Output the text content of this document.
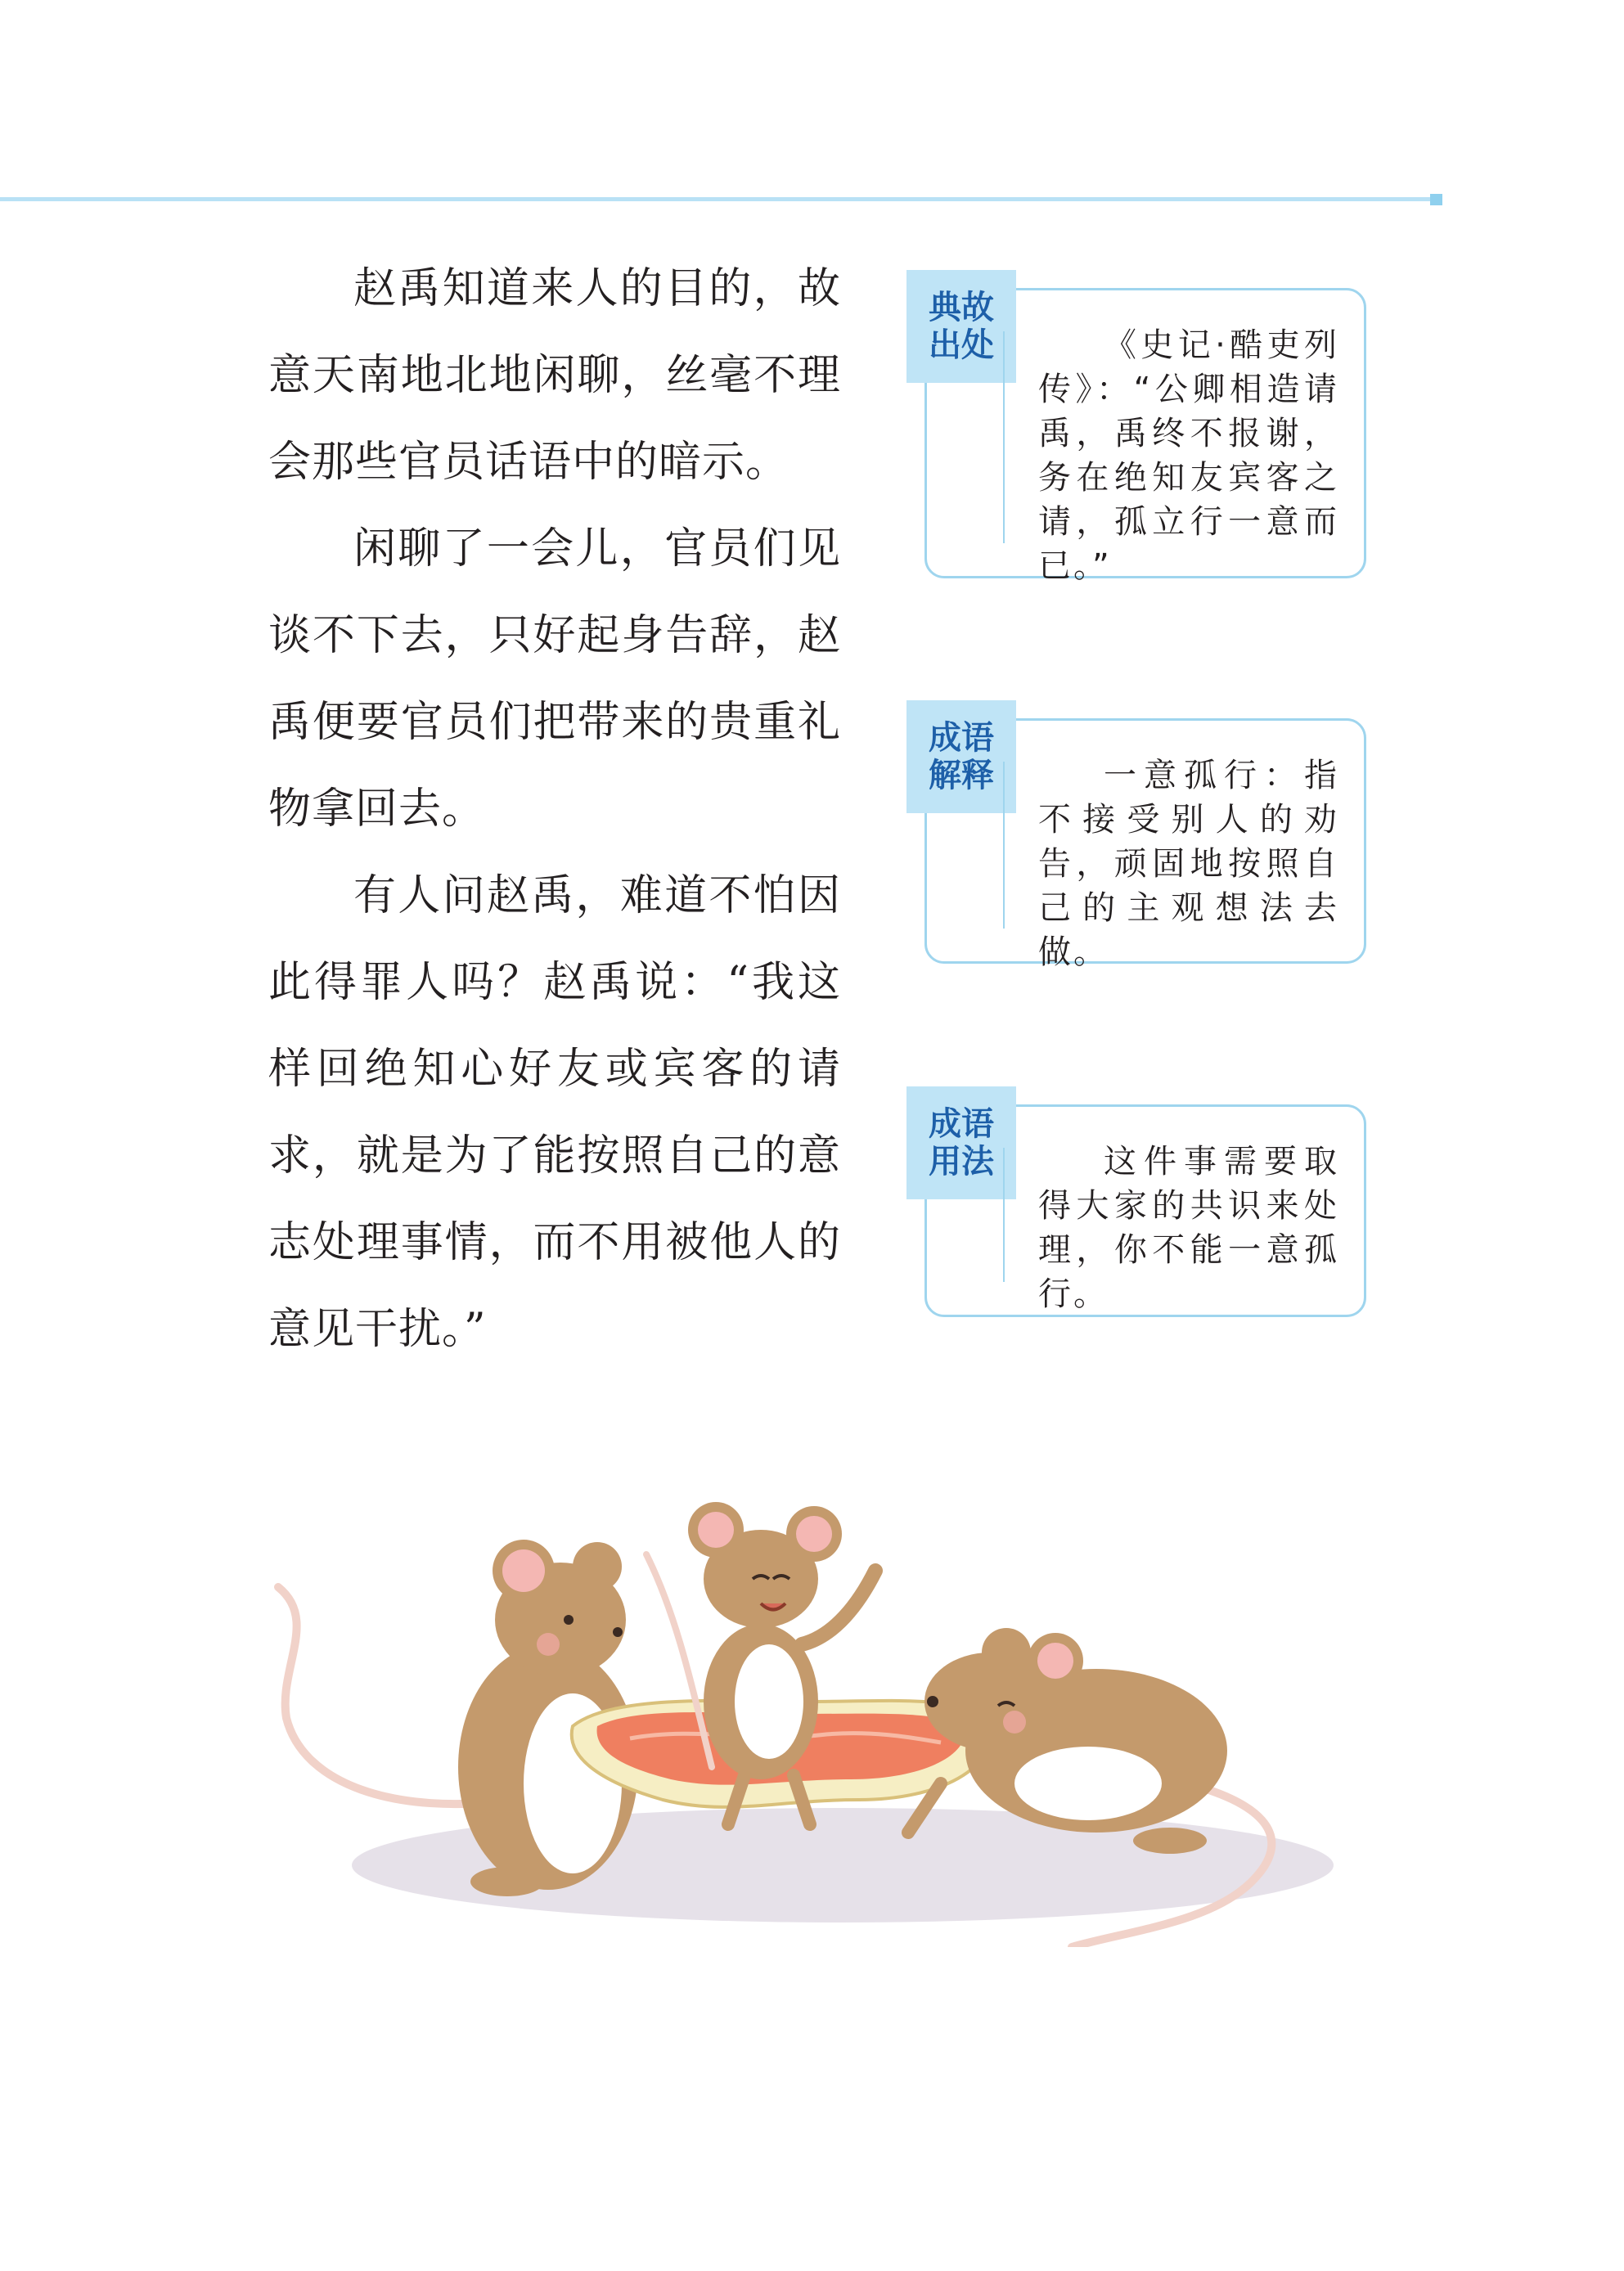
赵禹知道来人的目的，故意天南地北地闲聊，丝毫不理会那些官员话语中的暗示。

闲聊了一会儿，官员们见谈不下去，只好起身告辞，赵禹便要官员们把带来的贵重礼物拿回去。

有人问赵禹，难道不怕因此得罪人吗？赵禹说：“我这样回绝知心好友或宾客的请求，就是为了能按照自己的意志处理事情，而不用被他人的意见干扰。”

典故
出处	《史记·酷吏列传》：“公卿相造请禹，禹终不报谢，务在绝知友宾客之请，孤立行一意而已。”
成语
解释	一意孤行：指不接受别人的劝告，顽固地按照自己的主观想法去做。
成语
用法	这件事需要取得大家的共识来处理，你不能一意孤行。
